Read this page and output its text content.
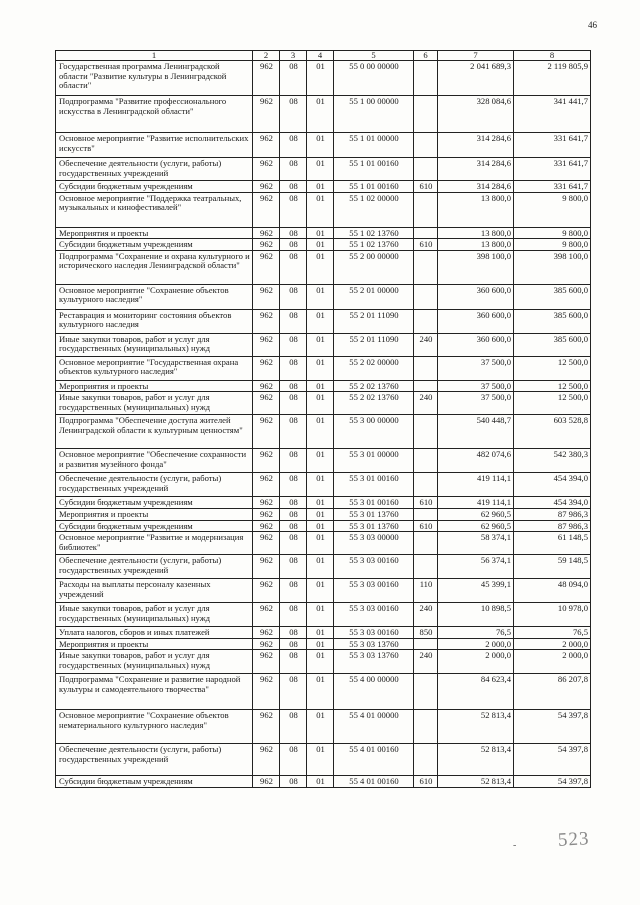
46
1	2	3	4	5	6	7	8
Государственная программа Ленинградской области "Развитие культуры в Ленинградской области"	962	08	01	55 0 00 00000		2 041 689,3	2 119 805,9
Подпрограмма "Развитие профессионального искусства в Ленинградской области"	962	08	01	55 1 00 00000		328 084,6	341 441,7
Основное мероприятие "Развитие исполнительских искусств"	962	08	01	55 1 01 00000		314 284,6	331 641,7
Обеспечение деятельности (услуги, работы) государственных учреждений	962	08	01	55 1 01 00160		314 284,6	331 641,7
Субсидии бюджетным учреждениям	962	08	01	55 1 01 00160	610	314 284,6	331 641,7
Основное мероприятие "Поддержка театральных, музыкальных и кинофестивалей"	962	08	01	55 1 02 00000		13 800,0	9 800,0
Мероприятия и проекты	962	08	01	55 1 02 13760		13 800,0	9 800,0
Субсидии бюджетным учреждениям	962	08	01	55 1 02 13760	610	13 800,0	9 800,0
Подпрограмма "Сохранение и охрана культурного и исторического наследия Ленинградской области"	962	08	01	55 2 00 00000		398 100,0	398 100,0
Основное мероприятие "Сохранение объектов культурного наследия"	962	08	01	55 2 01 00000		360 600,0	385 600,0
Реставрация и мониторинг состояния объектов культурного наследия	962	08	01	55 2 01 11090		360 600,0	385 600,0
Иные закупки товаров, работ и услуг для государственных (муниципальных) нужд	962	08	01	55 2 01 11090	240	360 600,0	385 600,0
Основное мероприятие "Государственная охрана объектов культурного наследия"	962	08	01	55 2 02 00000		37 500,0	12 500,0
Мероприятия и проекты	962	08	01	55 2 02 13760		37 500,0	12 500,0
Иные закупки товаров, работ и услуг для государственных (муниципальных) нужд	962	08	01	55 2 02 13760	240	37 500,0	12 500,0
Подпрограмма "Обеспечение доступа жителей Ленинградской области к культурным ценностям"	962	08	01	55 3 00 00000		540 448,7	603 528,8
Основное мероприятие "Обеспечение сохранности и развития музейного фонда"	962	08	01	55 3 01 00000		482 074,6	542 380,3
Обеспечение деятельности (услуги, работы) государственных учреждений	962	08	01	55 3 01 00160		419 114,1	454 394,0
Субсидии бюджетным учреждениям	962	08	01	55 3 01 00160	610	419 114,1	454 394,0
Мероприятия и проекты	962	08	01	55 3 01 13760		62 960,5	87 986,3
Субсидии бюджетным учреждениям	962	08	01	55 3 01 13760	610	62 960,5	87 986,3
Основное мероприятие "Развитие и модернизация библиотек"	962	08	01	55 3 03 00000		58 374,1	61 148,5
Обеспечение деятельности (услуги, работы) государственных учреждений	962	08	01	55 3 03 00160		56 374,1	59 148,5
Расходы на выплаты персоналу казенных учреждений	962	08	01	55 3 03 00160	110	45 399,1	48 094,0
Иные закупки товаров, работ и услуг для государственных (муниципальных) нужд	962	08	01	55 3 03 00160	240	10 898,5	10 978,0
Уплата налогов, сборов и иных платежей	962	08	01	55 3 03 00160	850	76,5	76,5
Мероприятия и проекты	962	08	01	55 3 03 13760		2 000,0	2 000,0
Иные закупки товаров, работ и услуг для государственных (муниципальных) нужд	962	08	01	55 3 03 13760	240	2 000,0	2 000,0
Подпрограмма "Сохранение и развитие народной культуры и самодеятельного творчества"	962	08	01	55 4 00 00000		84 623,4	86 207,8
Основное мероприятие "Сохранение объектов нематериального культурного наследия"	962	08	01	55 4 01 00000		52 813,4	54 397,8
Обеспечение деятельности (услуги, работы) государственных учреждений	962	08	01	55 4 01 00160		52 813,4	54 397,8
Субсидии бюджетным учреждениям	962	08	01	55 4 01 00160	610	52 813,4	54 397,8
- 523
